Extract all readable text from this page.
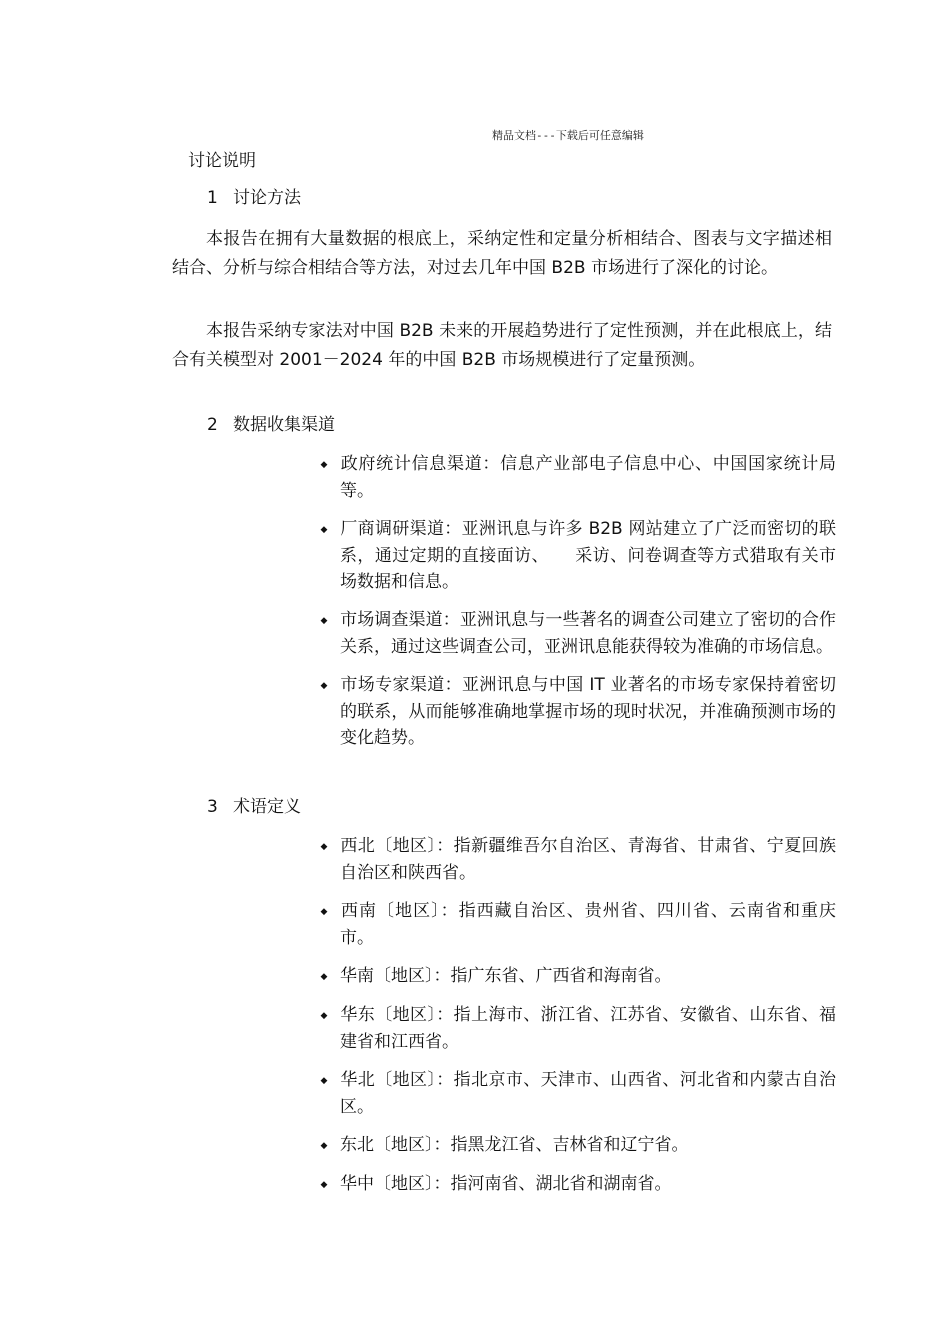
精品文档---下载后可任意编辑
讨论说明
1 讨论方法

本报告在拥有大量数据的根底上，采纳定性和定量分析相结合、图表与文字描述相结合、分析与综合相结合等方法，对过去几年中国 B2B 市场进行了深化的讨论。

本报告采纳专家法对中国 B2B 未来的开展趋势进行了定性预测，并在此根底上，结合有关模型对 2001－2024 年的中国 B2B 市场规模进行了定量预测。

2 数据收集渠道
◆ 政府统计信息渠道：信息产业部电子信息中心、中国国家统计局等。
◆ 厂商调研渠道：亚洲讯息与许多 B2B 网站建立了广泛而密切的联系，通过定期的直接面访、　　采访、问卷调查等方式猎取有关市场数据和信息。
◆ 市场调查渠道：亚洲讯息与一些著名的调查公司建立了密切的合作关系，通过这些调查公司，亚洲讯息能获得较为准确的市场信息。
◆ 市场专家渠道：亚洲讯息与中国 IT 业著名的市场专家保持着密切的联系，从而能够准确地掌握市场的现时状况，并准确预测市场的变化趋势。
3 术语定义
◆ 西北〔地区〕：指新疆维吾尔自治区、青海省、甘肃省、宁夏回族自治区和陕西省。
◆ 西南〔地区〕：指西藏自治区、贵州省、四川省、云南省和重庆市。
◆ 华南〔地区〕：指广东省、广西省和海南省。
◆ 华东〔地区〕：指上海市、浙江省、江苏省、安徽省、山东省、福建省和江西省。
◆ 华北〔地区〕：指北京市、天津市、山西省、河北省和内蒙古自治区。
◆ 东北〔地区〕：指黑龙江省、吉林省和辽宁省。
◆ 华中〔地区〕：指河南省、湖北省和湖南省。
